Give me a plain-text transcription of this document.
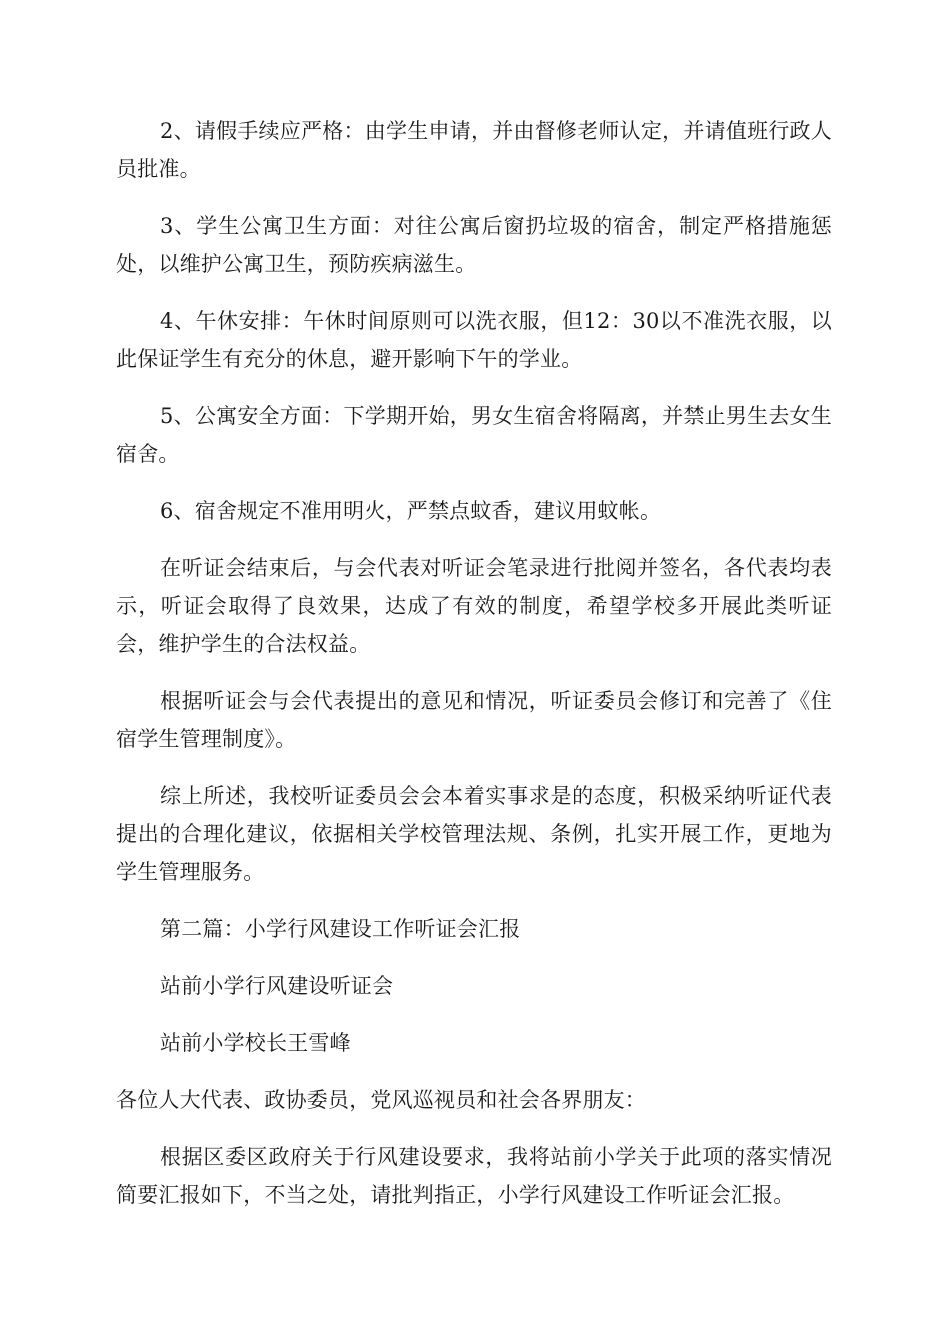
2、请假手续应严格：由学生申请，并由督修老师认定，并请值班行政人员批准。

3、学生公寓卫生方面：对往公寓后窗扔垃圾的宿舍，制定严格措施惩处，以维护公寓卫生，预防疾病滋生。

4、午休安排：午休时间原则可以洗衣服，但12：30以不准洗衣服，以此保证学生有充分的休息，避开影响下午的学业。

5、公寓安全方面：下学期开始，男女生宿舍将隔离，并禁止男生去女生宿舍。

6、宿舍规定不准用明火，严禁点蚊香，建议用蚊帐。

在听证会结束后，与会代表对听证会笔录进行批阅并签名，各代表均表示，听证会取得了良效果，达成了有效的制度，希望学校多开展此类听证会，维护学生的合法权益。

根据听证会与会代表提出的意见和情况，听证委员会修订和完善了《住宿学生管理制度》。

综上所述，我校听证委员会会本着实事求是的态度，积极采纳听证代表提出的合理化建议，依据相关学校管理法规、条例，扎实开展工作，更地为学生管理服务。

第二篇：小学行风建设工作听证会汇报

站前小学行风建设听证会

站前小学校长王雪峰

各位人大代表、政协委员，党风巡视员和社会各界朋友：

根据区委区政府关于行风建设要求，我将站前小学关于此项的落实情况简要汇报如下，不当之处，请批判指正，小学行风建设工作听证会汇报。
